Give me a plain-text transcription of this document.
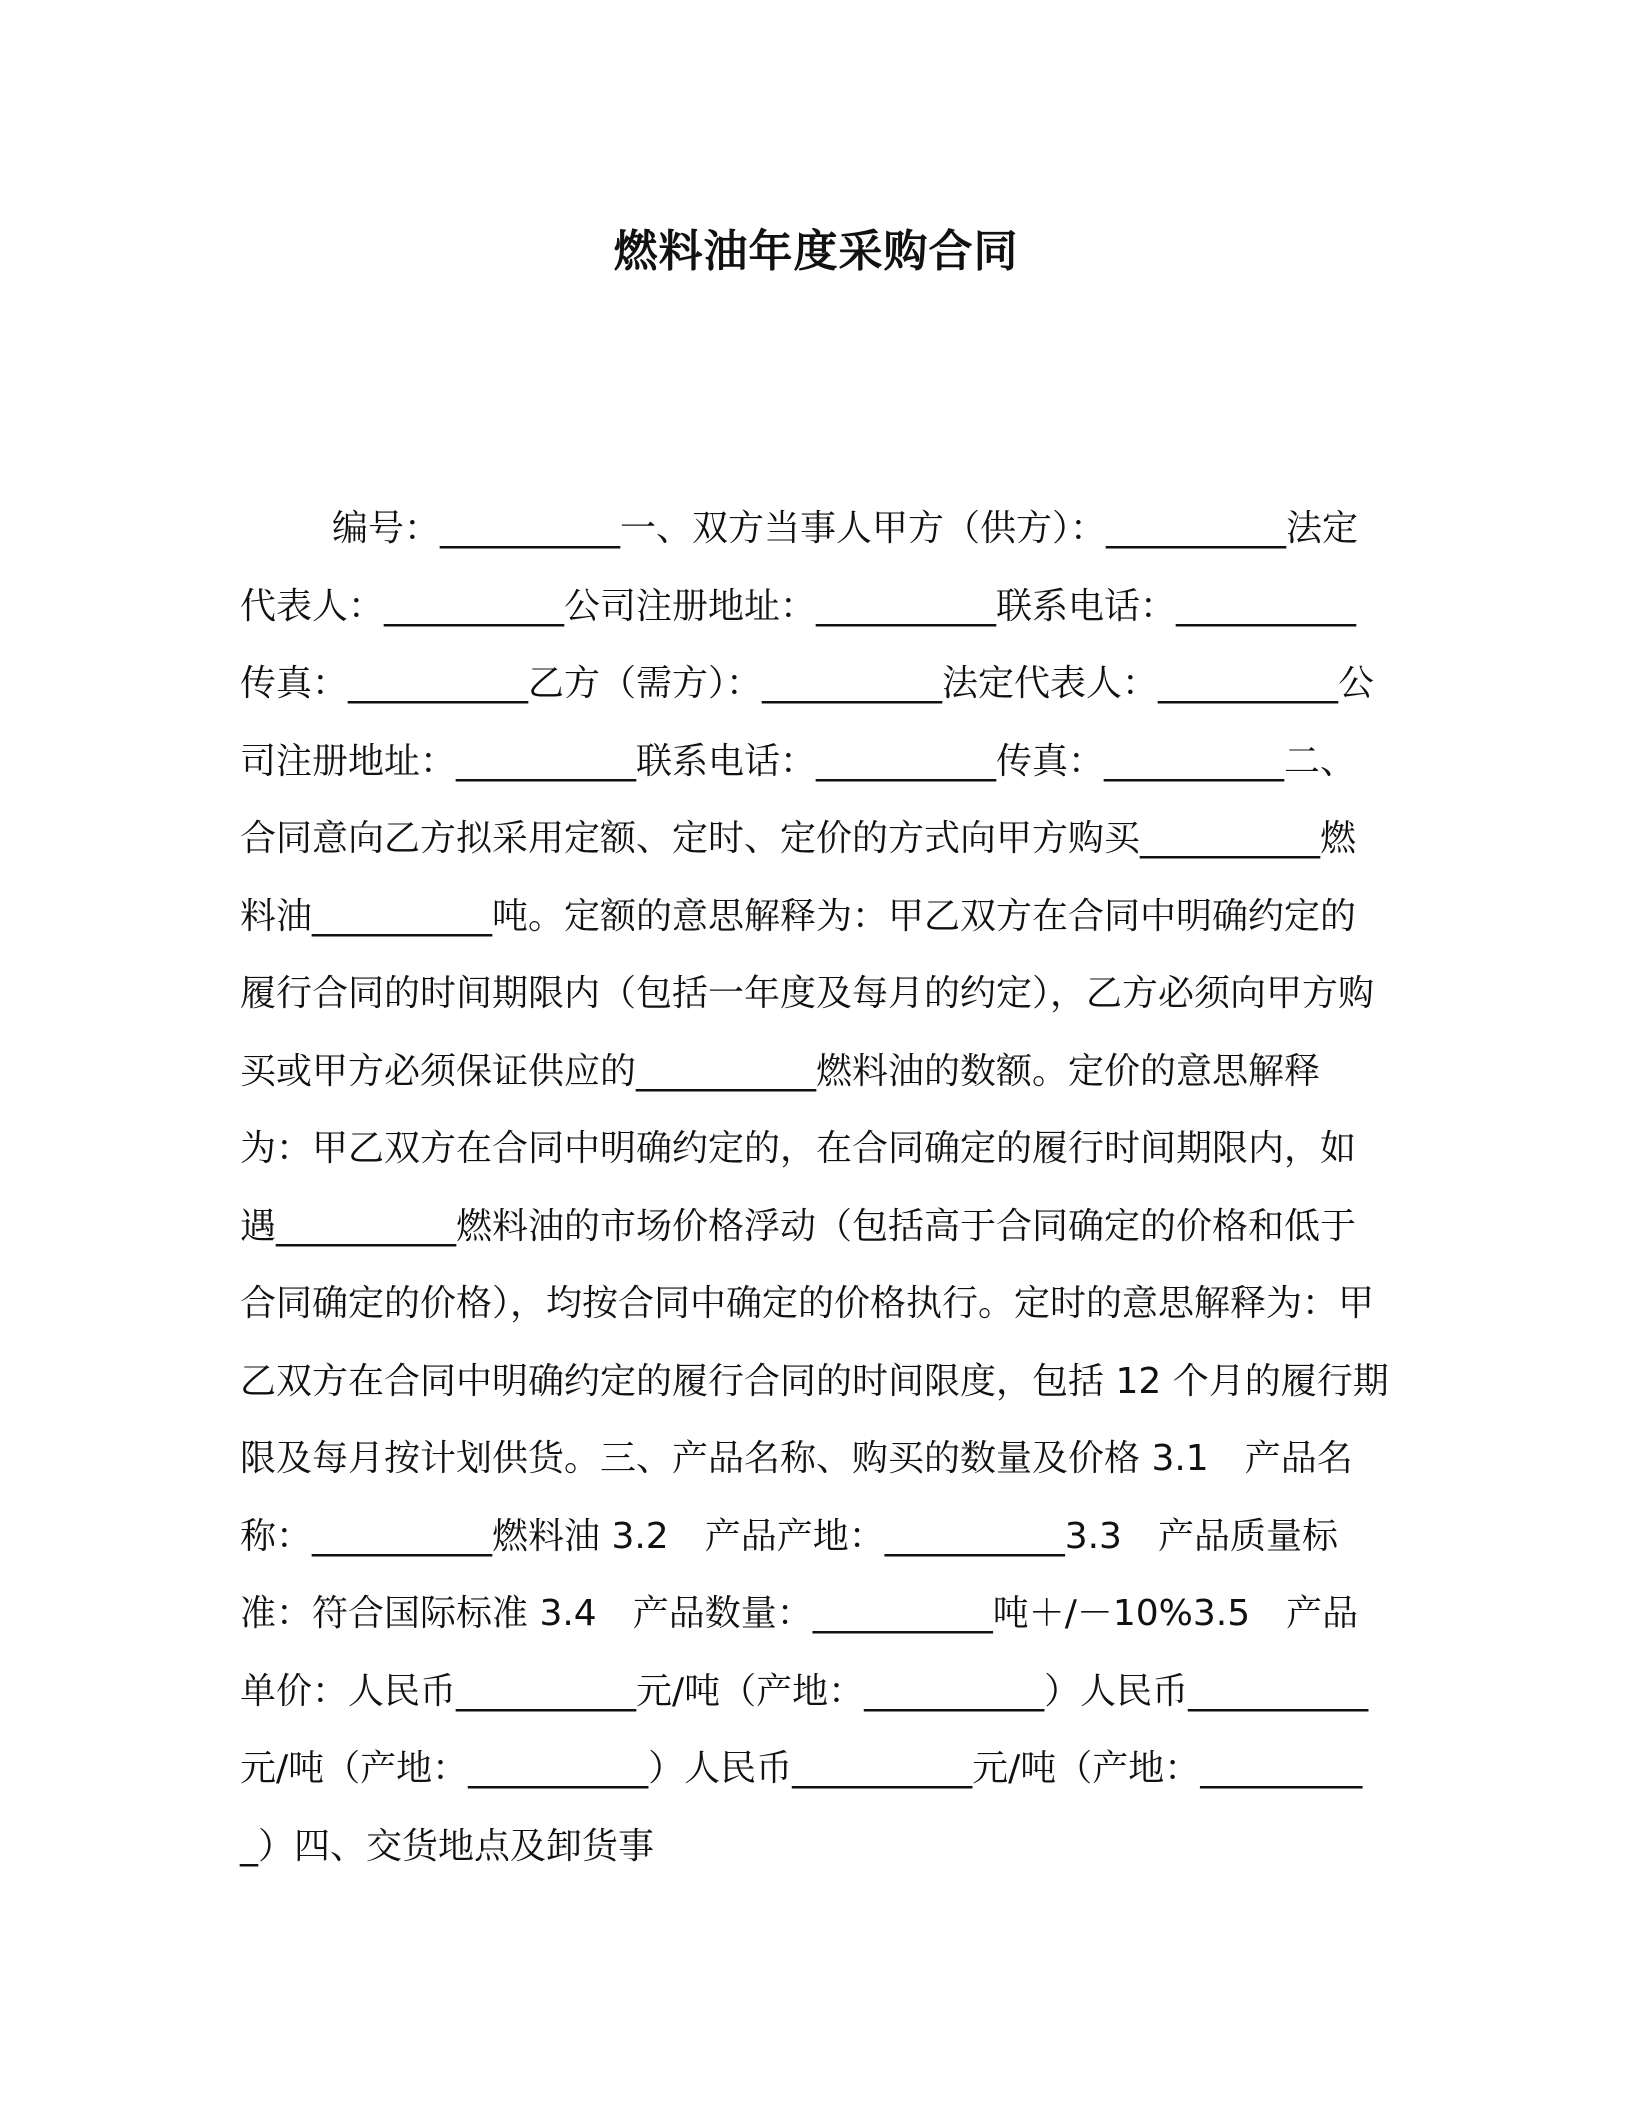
燃料油年度采购合同

编号：__________一、双方当事人甲方（供方）：__________法定代表人：__________公司注册地址：__________联系电话：__________传真：__________乙方（需方）：__________法定代表人：__________公司注册地址：__________联系电话：__________传真：__________二、合同意向乙方拟采用定额、定时、定价的方式向甲方购买__________燃料油__________吨。定额的意思解释为：甲乙双方在合同中明确约定的履行合同的时间期限内（包括一年度及每月的约定），乙方必须向甲方购买或甲方必须保证供应的__________燃料油的数额。定价的意思解释为：甲乙双方在合同中明确约定的，在合同确定的履行时间期限内，如遇__________燃料油的市场价格浮动（包括高于合同确定的价格和低于合同确定的价格），均按合同中确定的价格执行。定时的意思解释为：甲乙双方在合同中明确约定的履行合同的时间限度，包括 12 个月的履行期限及每月按计划供货。三、产品名称、购买的数量及价格 3.1　产品名称：__________燃料油 3.2　产品产地：__________3.3　产品质量标准：符合国际标准 3.4　产品数量：__________吨＋/－10%3.5　产品单价：人民币__________元/吨（产地：__________）人民币__________元/吨（产地：__________）人民币__________元/吨（产地：__________）四、交货地点及卸货事
